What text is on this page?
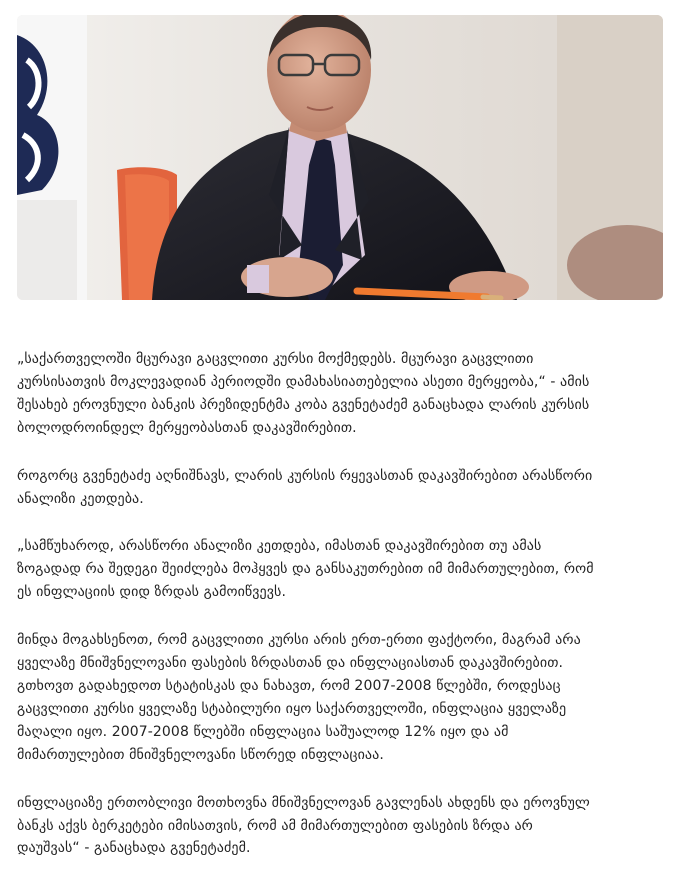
„საქართველოში მცურავი გაცვლითი კურსი მოქმედებს. მცურავი გაცვლითი
კურსისათვის მოკლევადიან პერიოდში დამახასიათებელია ასეთი მერყეობა,“ - ამის
შესახებ ეროვნული ბანკის პრეზიდენტმა კობა გვენეტაძემ განაცხადა ლარის კურსის
ბოლოდროინდელ მერყეობასთან დაკავშირებით.

როგორც გვენეტაძე აღნიშნავს, ლარის კურსის რყევასთან დაკავშირებით არასწორი
ანალიზი კეთდება.

„სამწუხაროდ, არასწორი ანალიზი კეთდება, იმასთან დაკავშირებით თუ ამას
ზოგადად რა შედეგი შეიძლება მოჰყვეს და განსაკუთრებით იმ მიმართულებით, რომ
ეს ინფლაციის დიდ ზრდას გამოიწვევს.

მინდა მოგახსენოთ, რომ გაცვლითი კურსი არის ერთ-ერთი ფაქტორი, მაგრამ არა
ყველაზე მნიშვნელოვანი ფასების ზრდასთან და ინფლაციასთან დაკავშირებით.
გთხოვთ გადახედოთ სტატისკას და ნახავთ, რომ 2007-2008 წლებში, როდესაც
გაცვლითი კურსი ყველაზე სტაბილური იყო საქართველოში, ინფლაცია ყველაზე
მაღალი იყო. 2007-2008 წლებში ინფლაცია საშუალოდ 12% იყო და ამ
მიმართულებით მნიშვნელოვანი სწორედ ინფლაციაა.

ინფლაციაზე ერთობლივი მოთხოვნა მნიშვნელოვან გავლენას ახდენს და ეროვნულ
ბანკს აქვს ბერკეტები იმისათვის, რომ ამ მიმართულებით ფასების ზრდა არ
დაუშვას“ - განაცხადა გვენეტაძემ.
